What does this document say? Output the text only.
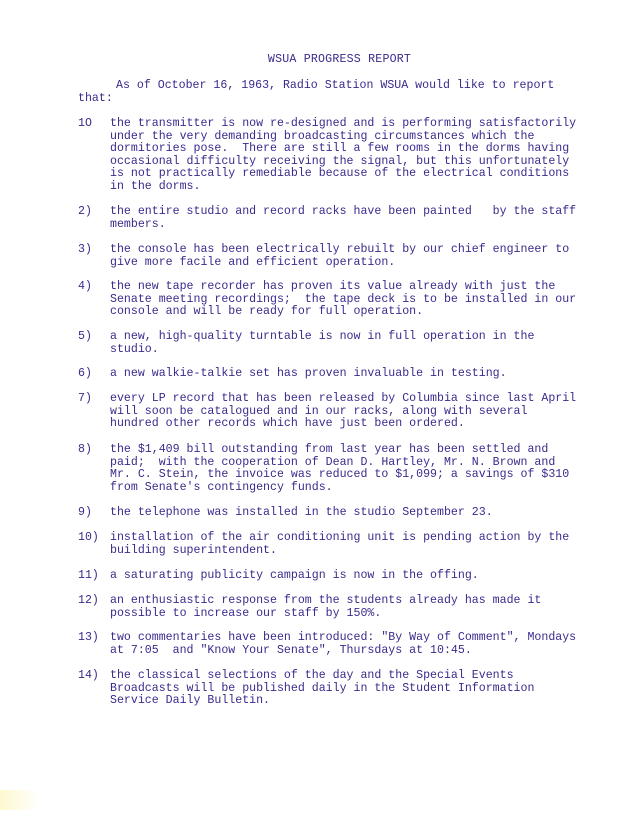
WSUA PROGRESS REPORT
As of October 16, 1963, Radio Station WSUA would like to report that:
1O	the transmitter is now re-designed and is performing satisfactorily under the very demanding broadcasting circumstances which the dormitories pose.  There are still a few rooms in the dorms having occasional difficulty receiving the signal, but this unfortunately is not practically remediable because of the electrical conditions in the dorms.
2)	the entire studio and record racks have been painted   by the staff members.
3)	the console has been electrically rebuilt by our chief engineer to give more facile and efficient operation.
4)	the new tape recorder has proven its value already with just the Senate meeting recordings;  the tape deck is to be installed in our console and will be ready for full operation.
5)	a new, high-quality turntable is now in full operation in the studio.
6)	a new walkie-talkie set has proven invaluable in testing.
7)	every LP record that has been released by Columbia since last April will soon be catalogued and in our racks, along with several hundred other records which have just been ordered.
8)	the $1,409 bill outstanding from last year has been settled and paid;  with the cooperation of Dean D. Hartley, Mr. N. Brown and Mr. C. Stein, the invoice was reduced to $1,099; a savings of $310 from Senate's contingency funds.
9)	the telephone was installed in the studio September 23.
10) installation of the air conditioning unit is pending action by the building superintendent.
11) a saturating publicity campaign is now in the offing.
12) an enthusiastic response from the students already has made it possible to increase our staff by 150%.
13) two commentaries have been introduced: "By Way of Comment", Mondays at 7:05  and "Know Your Senate", Thursdays at 10:45.
14) the classical selections of the day and the Special Events Broadcasts will be published daily in the Student Information Service Daily Bulletin.
